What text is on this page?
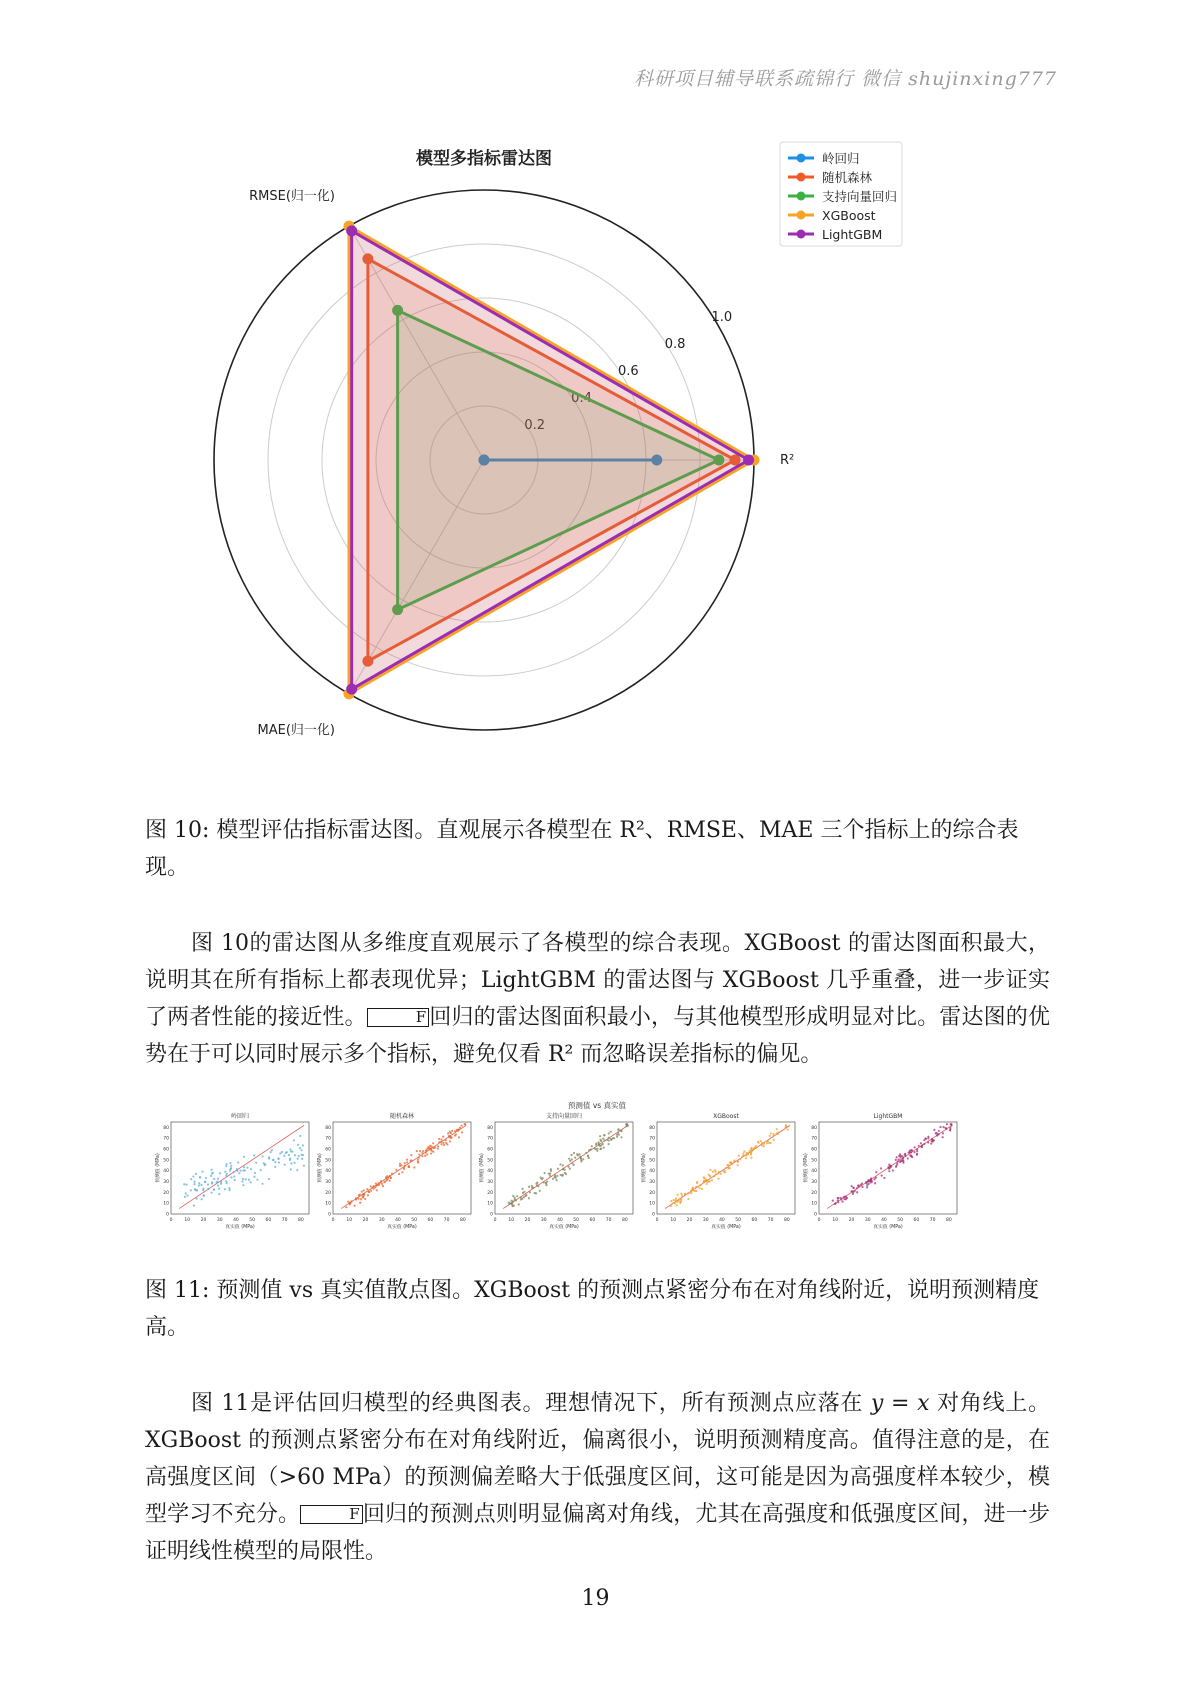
科研项目辅导联系疏锦行 微信 shujinxing777
模型多指标雷达图
0.2
0.4
0.6
0.8
1.0
R²
RMSE(归一化)
MAE(归一化)
岭回归
随机森林
支持向量回归
XGBoost
LightGBM
图 10: 模型评估指标雷达图。直观展示各模型在 R²、RMSE、MAE 三个指标上的综合表现。

图 10的雷达图从多维度直观展示了各模型的综合表现。XGBoost 的雷达图面积最大，说明其在所有指标上都表现优异；LightGBM 的雷达图与 XGBoost 几乎重叠，进一步证实了两者性能的接近性。	F 回归的雷达图面积最小，与其他模型形成明显对比。雷达图的优势在于可以同时展示多个指标，避免仅看 R² 而忽略误差指标的偏见。

预测值 vs 真实值
岭回归
0
0
10
10
20
20
30
30
40
40
50
50
60
60
70
70
80
80
真实值 (MPa)
预测值 (MPa)
随机森林
0
0
10
10
20
20
30
30
40
40
50
50
60
60
70
70
80
80
真实值 (MPa)
预测值 (MPa)
支持向量回归
0
0
10
10
20
20
30
30
40
40
50
50
60
60
70
70
80
80
真实值 (MPa)
预测值 (MPa)
XGBoost
0
0
10
10
20
20
30
30
40
40
50
50
60
60
70
70
80
80
真实值 (MPa)
预测值 (MPa)
LightGBM
0
0
10
10
20
20
30
30
40
40
50
50
60
60
70
70
80
80
真实值 (MPa)
预测值 (MPa)
图 11: 预测值 vs 真实值散点图。XGBoost 的预测点紧密分布在对角线附近，说明预测精度高。

图 11是评估回归模型的经典图表。理想情况下，所有预测点应落在 y = x 对角线上。XGBoost 的预测点紧密分布在对角线附近，偏离很小，说明预测精度高。值得注意的是，在高强度区间（>60 MPa）的预测偏差略大于低强度区间，这可能是因为高强度样本较少，模型学习不充分。	F 回归的预测点则明显偏离对角线，尤其在高强度和低强度区间，进一步证明线性模型的局限性。

19
